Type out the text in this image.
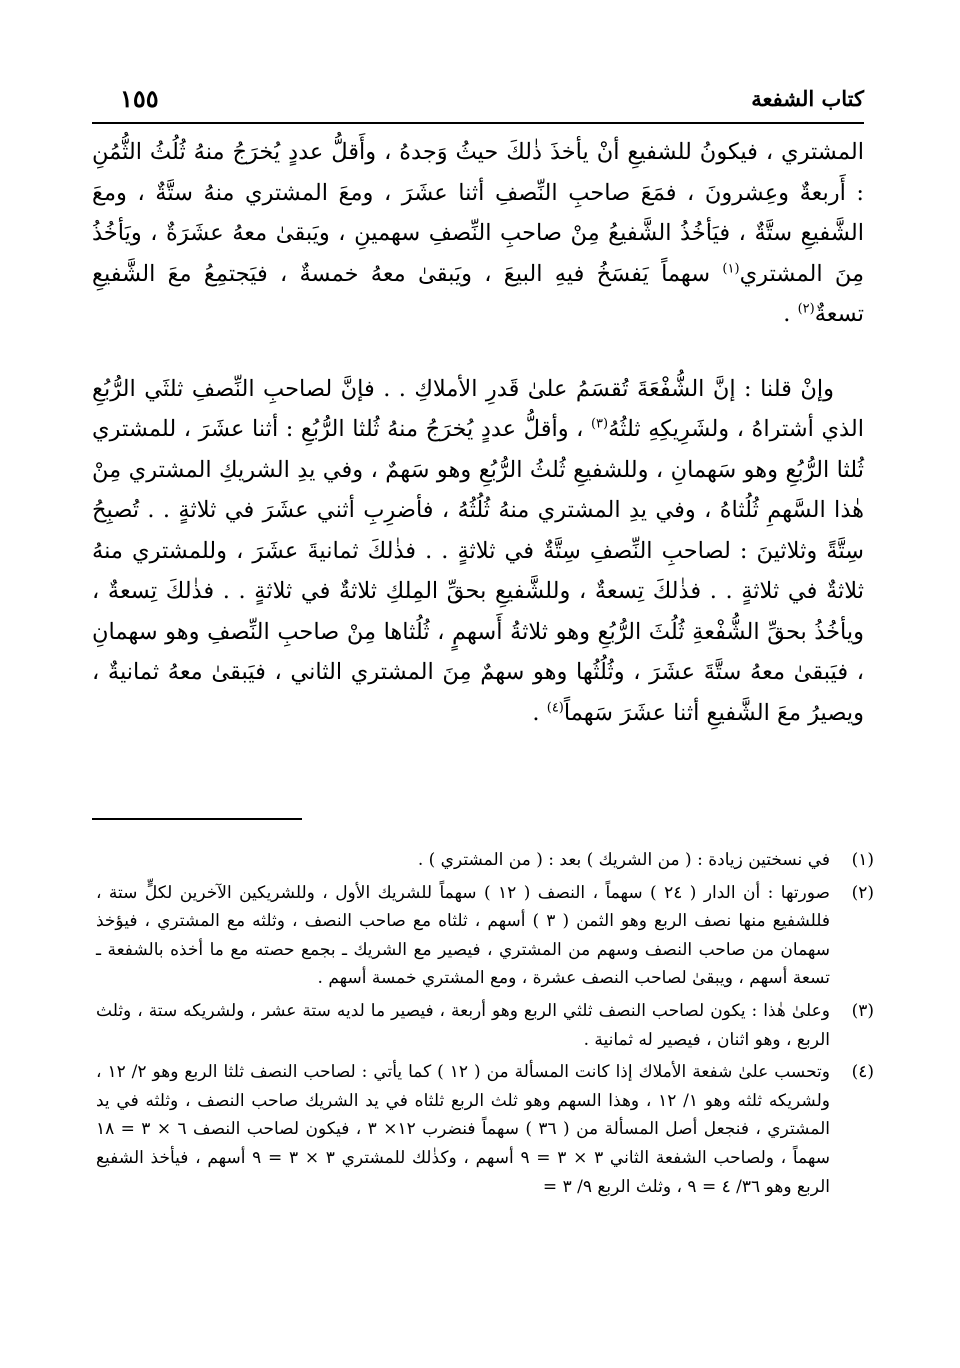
كتاب الشفعة
١٥٥

المشتري ، فيكونُ للشفيعِ أنْ يأخذَ ذٰلكَ حيثُ وَجدهُ ، وأَقلُّ عددٍ يُخرَجُ منهُ ثُلُثُ الثُّمُنِ : أَربعةٌ وعِشرونَ ، فمَعَ صاحبِ النِّصفِ أثنا عشَرَ ، ومعَ المشتري منهُ ستَّةٌ ، ومعَ الشَّفيعِ ستَّةٌ ، فيَأخُذُ الشَّفيعُ مِنْ صاحبِ النِّصفِ سهمينِ ، ويَبقىٰ معهُ عشَرَةٌ ، ويَأخُذُ مِنَ المشتري$^{(١)}$ سهماً يَفسَخُ فيهِ البيعَ ، ويَبقىٰ معهُ خمسةٌ ، فيَجتمِعُ معَ الشَّفيعِ تسعةٌ$^{(٢)}$ .

وإنْ قلنا : إنَّ الشُّفْعَةَ تُقسَمُ علىٰ قَدرِ الأملاكِ . . فإنَّ لصاحبِ النِّصفِ ثلثَي الرُّبُعِ الذي أشتراهُ ، ولشَرِيكِهِ ثلثُهُ$^{(٣)}$ ، وأقلُّ عددٍ يُخرَجُ منهُ ثُلثا الرُّبُعِ : أثنا عشَرَ ، للمشتري ثُلثا الرُّبُعِ وهو سَهمانِ ، وللشفيعِ ثُلثُ الرُّبُعِ وهو سَهمٌ ، وفي يدِ الشريكِ المشتري مِنْ هٰذا السَّهمِ ثُلُثاهُ ، وفي يدِ المشتري منهُ ثُلُثُهُ ، فأضرِبِ أثني عشَرَ في ثلاثةٍ . . تُصبِحُ سِتَّةً وثلاثينَ : لصاحبِ النِّصفِ سِتَّةٌ في ثلاثةٍ . . فذٰلكَ ثمانيةَ عشَرَ ، وللمشتري منهُ ثلاثةٌ في ثلاثةٍ . . فذٰلكَ تِسعةٌ ، وللشَّفيعِ بحقِّ المِلكِ ثلاثةٌ في ثلاثةٍ . . فذٰلكَ تِسعةٌ ، ويأخُذُ بحقِّ الشُّفْعةِ ثُلُثَ الرُّبُعِ وهو ثلاثةُ أَسهمٍ ، ثُلُثاها مِنْ صاحبِ النِّصفِ وهو سهمانِ ، فيَبقىٰ معهُ ستَّةَ عشَرَ ، وثُلُثُها وهو سهمٌ مِنَ المشتري الثاني ، فيَبقىٰ معهُ ثمانيةٌ ، ويصيرُ معَ الشَّفيعِ أثنا عشَرَ سَهماً$^{(٤)}$ .

(١)
في نسختين زيادة : ( من الشريك ) بعد : ( من المشتري ) .
(٢)
صورتها : أن الدار ( ٢٤ ) سهماً ، النصف ( ١٢ ) سهماً للشريك الأول ، وللشريكين الآخرين لكلٍّ ستة ، فللشفيع منها نصف الربع وهو الثمن ( ٣ ) أسهم ، ثلثاه مع صاحب النصف ، وثلثه مع المشتري ، فيؤخذ سهمان من صاحب النصف وسهم من المشتري ، فيصير مع الشريك ـ بجمع حصته مع ما أخذه بالشفعة ـ تسعة أسهم ، ويبقىٰ لصاحب النصف عشرة ، ومع المشتري خمسة أسهم .
(٣)
وعلىٰ هٰذا : يكون لصاحب النصف ثلثي الربع وهو أربعة ، فيصير ما لديه ستة عشر ، ولشريكه ستة ، وثلث الربع ، وهو اثنان ، فيصير له ثمانية .
(٤)
وتحسب علىٰ شفعة الأملاك إذا كانت المسألة من ( ١٢ ) كما يأتي : لصاحب النصف ثلثا الربع وهو ٢/ ١٢ ، ولشريكه ثلثه وهو ١/ ١٢ ، وهذا السهم وهو ثلث الربع ثلثاه في يد الشريك صاحب النصف ، وثلثه في يد المشتري ، فنجعل أصل المسألة من ( ٣٦ ) سهماً فنضرب ١٢× ٣ ، فيكون لصاحب النصف ٦ × ٣ = ١٨ سهماً ، ولصاحب الشفعة الثاني ٣ × ٣ = ٩ أسهم ، وكذٰلك للمشتري ٣ × ٣ = ٩ أسهم ، فيأخذ الشفيع الربع وهو ٣٦/ ٤ = ٩ ، وثلث الربع ٩/ ٣ =
